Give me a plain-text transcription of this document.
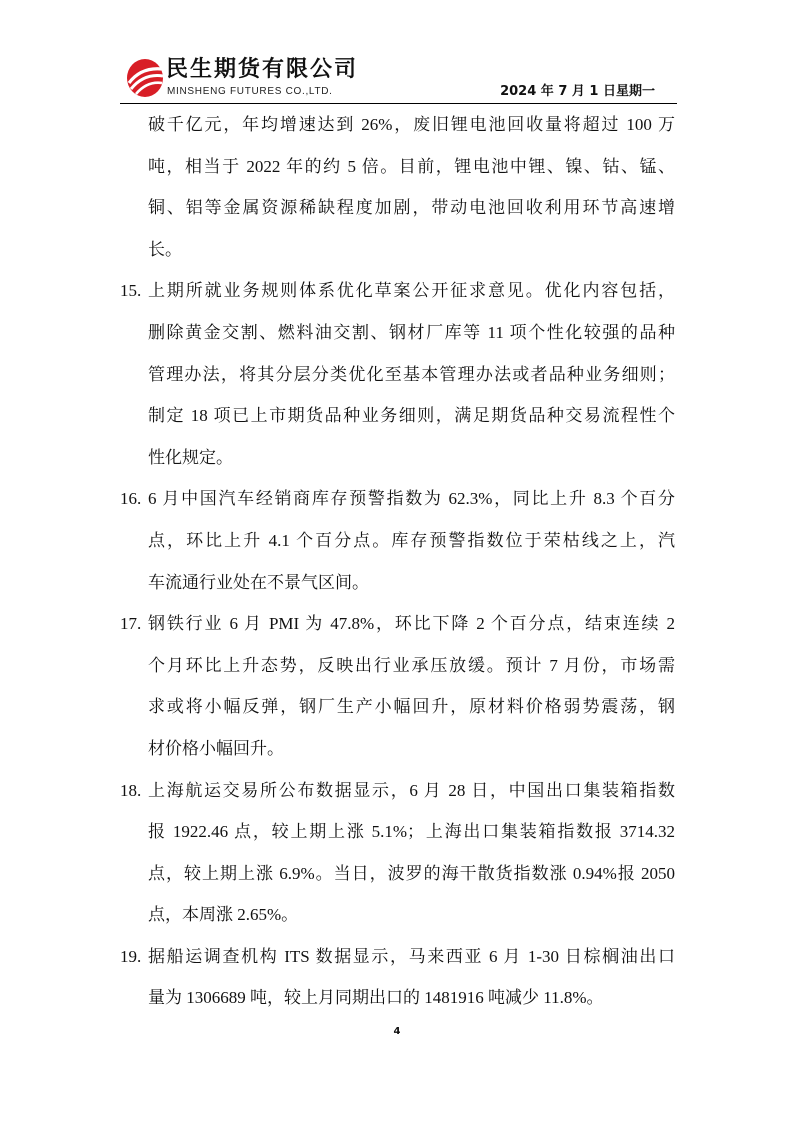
民生期货有限公司
MINSHENG FUTURES CO.,LTD.	2024 年 7 月 1 日星期一
破千亿元，年均增速达到 26%，废旧锂电池回收量将超过 100 万
吨，相当于 2022 年的约 5 倍。目前，锂电池中锂、镍、钴、锰、
铜、铝等金属资源稀缺程度加剧，带动电池回收利用环节高速增
长。
15. 上期所就业务规则体系优化草案公开征求意见。优化内容包括，
删除黄金交割、燃料油交割、钢材厂库等 11 项个性化较强的品种
管理办法，将其分层分类优化至基本管理办法或者品种业务细则；
制定 18 项已上市期货品种业务细则，满足期货品种交易流程性个
性化规定。
16. 6 月中国汽车经销商库存预警指数为 62.3%，同比上升 8.3 个百分
点，环比上升 4.1 个百分点。库存预警指数位于荣枯线之上，汽
车流通行业处在不景气区间。
17. 钢铁行业 6 月 PMI 为 47.8%，环比下降 2 个百分点，结束连续 2
个月环比上升态势，反映出行业承压放缓。预计 7 月份，市场需
求或将小幅反弹，钢厂生产小幅回升，原材料价格弱势震荡，钢
材价格小幅回升。
18. 上海航运交易所公布数据显示，6 月 28 日，中国出口集装箱指数
报 1922.46 点，较上期上涨 5.1%；上海出口集装箱指数报 3714.32
点，较上期上涨 6.9%。当日，波罗的海干散货指数涨 0.94%报 2050
点，本周涨 2.65%。
19. 据船运调查机构 ITS 数据显示，马来西亚 6 月 1-30 日棕榈油出口
量为 1306689 吨，较上月同期出口的 1481916 吨减少 11.8%。
4
